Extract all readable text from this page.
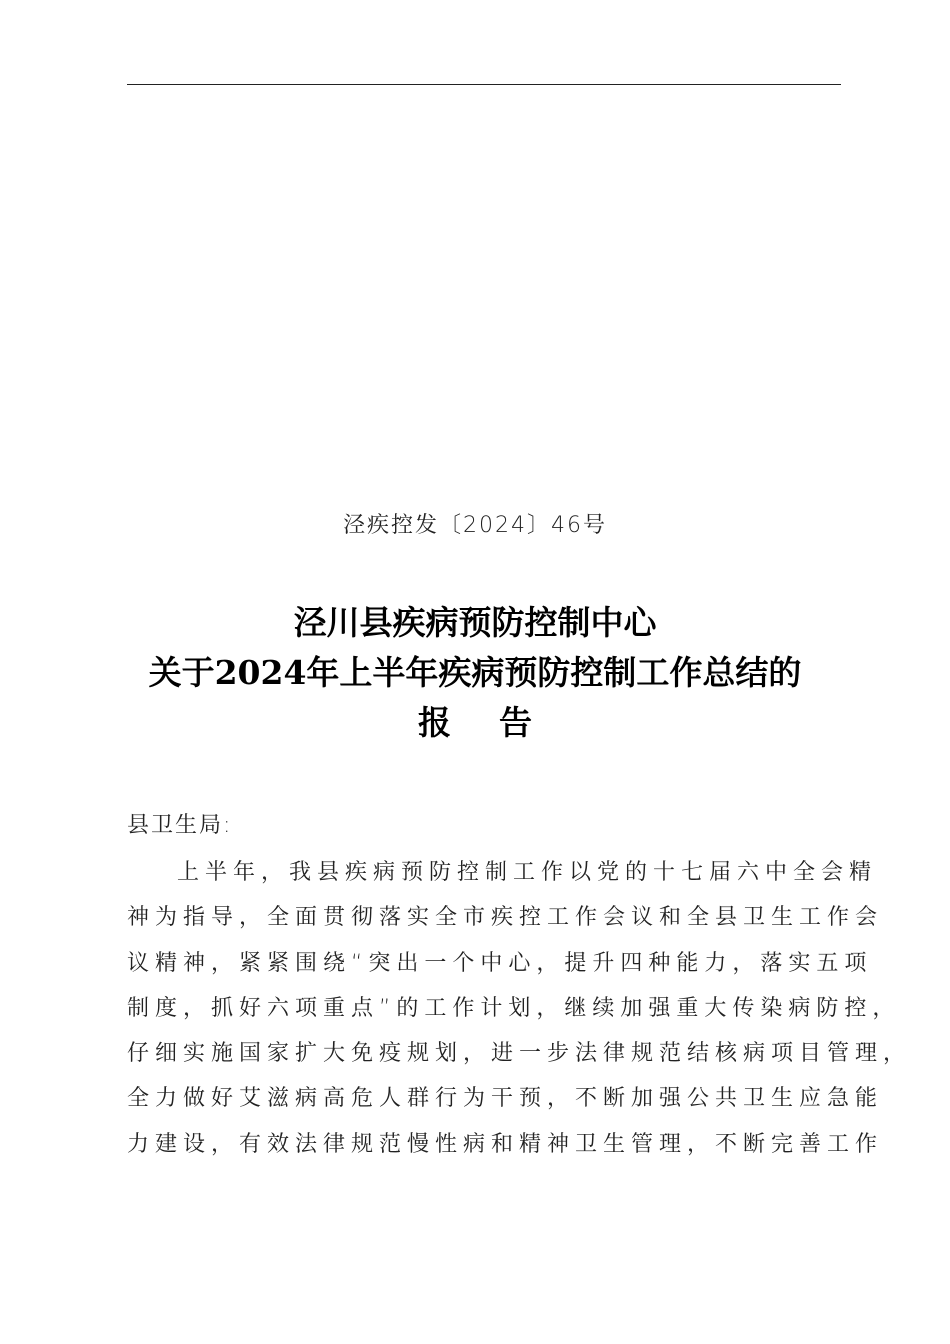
泾疾控发〔2024〕46号
泾川县疾病预防控制中心
关于2024年上半年疾病预防控制工作总结的
报告
县卫生局:
上半年，我县疾病预防控制工作以党的十七届六中全会精
神为指导，全面贯彻落实全市疾控工作会议和全县卫生工作会
议精神，紧紧围绕“突出一个中心，提升四种能力，落实五项
制度，抓好六项重点”的工作计划，继续加强重大传染病防控，
仔细实施国家扩大免疫规划，进一步法律规范结核病项目管理，
全力做好艾滋病高危人群行为干预，不断加强公共卫生应急能
力建设，有效法律规范慢性病和精神卫生管理，不断完善工作
